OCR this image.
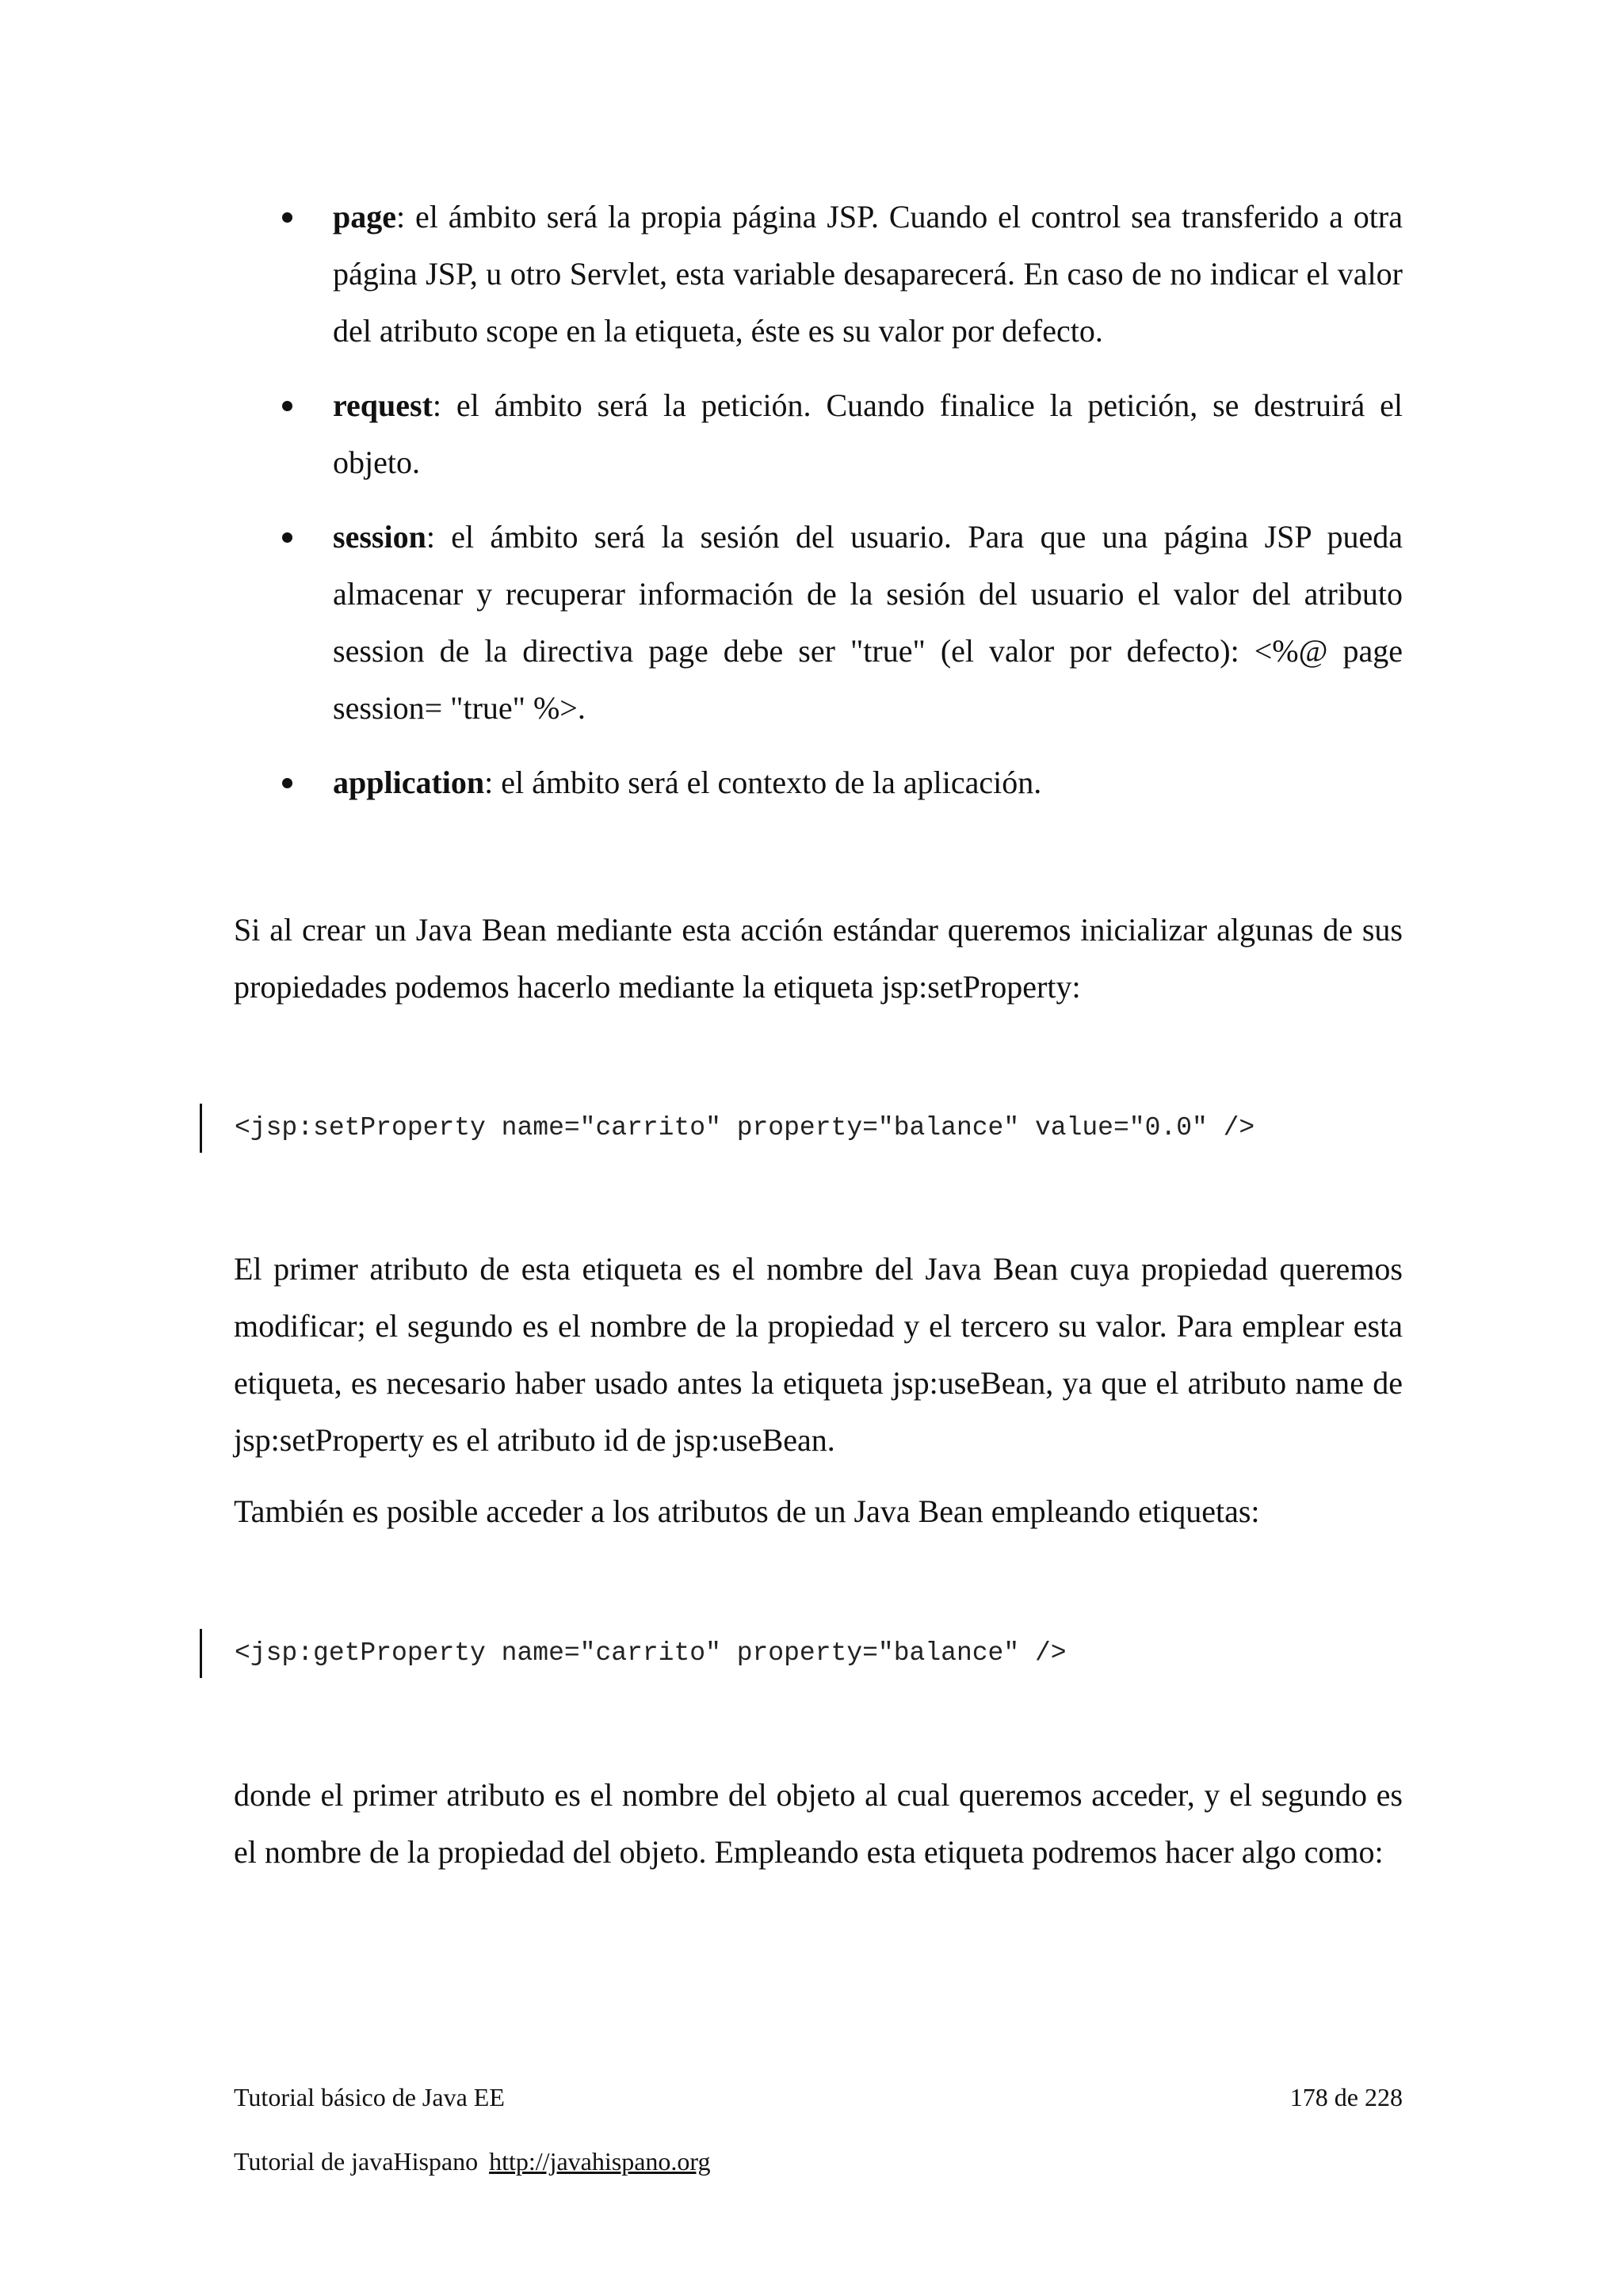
page: el ámbito será la propia página JSP. Cuando el control sea transferido a otra página JSP, u otro Servlet, esta variable desaparecerá. En caso de no indicar el valor del atributo scope en la etiqueta, éste es su valor por defecto.
request: el ámbito será la petición. Cuando finalice la petición, se destruirá el objeto.
session: el ámbito será la sesión del usuario. Para que una página JSP pueda almacenar y recuperar información de la sesión del usuario el valor del atributo session de la directiva page debe ser "true" (el valor por defecto): <%@ page session= "true" %>.
application: el ámbito será el contexto de la aplicación.

Si al crear un Java Bean mediante esta acción estándar queremos inicializar algunas de sus propiedades podemos hacerlo mediante la etiqueta jsp:setProperty:

<jsp:setProperty name="carrito" property="balance" value="0.0" />

El primer atributo de esta etiqueta es el nombre del Java Bean cuya propiedad queremos modificar; el segundo es el nombre de la propiedad y el tercero su valor. Para emplear esta etiqueta, es necesario haber usado antes la etiqueta jsp:useBean, ya que el atributo name de jsp:setProperty es el atributo id de jsp:useBean.

También es posible acceder a los atributos de un Java Bean empleando etiquetas:

<jsp:getProperty name="carrito" property="balance" />

donde el primer atributo es el nombre del objeto al cual queremos acceder, y el segundo es el nombre de la propiedad del objeto. Empleando esta etiqueta podremos hacer algo como:

Tutorial básico de Java EE	178 de 228
Tutorial de javaHispano http://javahispano.org
